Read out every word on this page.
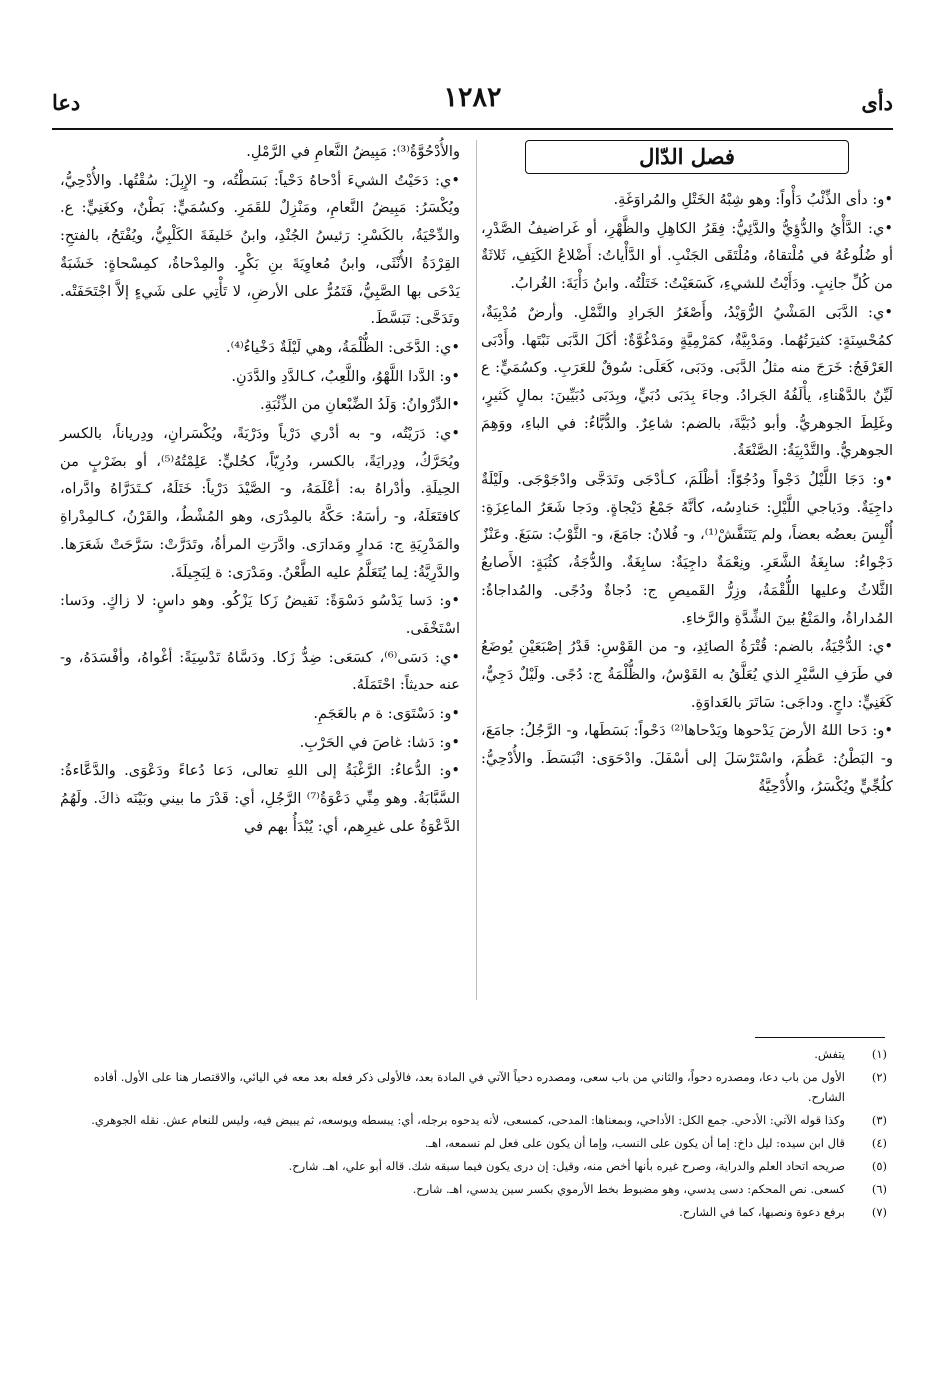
١٢٨٢	دأى
دعا
فصل الدّال

•و: دأى الذِّئْبُ دَأْواً: وهو شِبْهُ الخَتْلِ والمُراوَغَةِ.

•ي: الدَّأْيُ والدُّؤِيُّ والدَّئِيُّ: فِقَرُ الكاهِلِ والظَّهْرِ، أو غَراضيفُ الصَّدْرِ، أو ضُلُوعُهُ في مُلْتقاهُ، ومُلْتَقَى الجَنْبِ. أو الدَّأْياتُ: أَضْلاعُ الكَتِفِ، ثَلاثَةٌ من كُلِّ جانِبٍ. ودَأَيْتُ للشيءِ، كَسَعَيْتُ: خَتَلْتُه. وابنُ دَأْيَةَ: الغُرابُ.

•ي: الدَّبَى المَشْيُ الرُّوَيْدُ، وأَصْغَرُ الجَرادِ والنَّمْلِ. وأرضٌ مُدْبِيَةٌ، كمُحْسِنَةٍ: كثيرَتُهُما. ومَدْبِيَّةٌ، كمَرْمِيَّةٍ ومَدْغُوَّةٌ: أكَلَ الدَّبَى نَبْتَها. وأَدْبَى العَرْفَجُ: خَرَجَ منه مثلُ الدَّبَى. ودَبَى، كَعَلَى: سُوقٌ للعَرَبِ. وكسُمَيٍّ: ع لَيِّنٌ بالدَّهْناءِ، يأْلَفُهُ الجَرادُ. وجاءَ بِدَبَى دُبَيٍّ، وبِدَبَى دُبَيِّينَ: بمالٍ كَثيرٍ، وغَلِطَ الجوهريُّ. وأبو دُبَيَّةَ، بالضم: شاعِرٌ. والدُّبَّاءُ: في الباءِ، ووَهِمَ الجوهريُّ. والتَّدْبِيَةُ: الصَّنْعَةُ.

•و: دَجَا اللَّيْلُ دَجْواً ودُجُوّاً: أظْلَمَ، كـأدْجَى وتَدَجَّى وادْجَوْجَى. ولَيْلَةٌ داجِيَةٌ. ودَياجي اللَّيْلِ: حَنادِسُه، كأنَّهُ جَمْعُ دَيْجاةٍ. ودَجا شَعَرُ الماعِزَةِ: أُلْبِسَ بعضُه بعضاً، ولم يَتَنَفَّشْ⁽¹⁾، و- فُلانٌ: جامَعَ، و- الثَّوْبُ: سَبَغَ. وعَنْزٌ دَجْواءُ: سابِغَةُ الشَّعَرِ. ونِعْمَةٌ داجِيَةٌ: سابِغَةٌ. والدُّجَةُ، كثُبَةٍ: الأَصابعُ الثَّلاثُ وعليها اللُّقْمَةُ، وزِرُّ القَميصِ ج: دُجاةٌ ودُجًى. والمُداجاةُ: المُداراةُ، والمَنْعُ بينَ الشِّدَّةِ والرَّخاءِ.

•ي: الدُّجْيَةُ، بالضم: قُتْرَةُ الصائِدِ، و- من القَوْسِ: قَدْرُ إصْبَعَيْنِ يُوضَعُ في طَرَفِ السَّيْرِ الذي يُعَلَّقُ به القَوْسُ، والظُّلْمَةُ ج: دُجًى. ولَيْلٌ دَجِيٌّ، كَغَنِيٍّ: داجٍ. وداجَى: سَاتَرَ بالعَداوَةِ.

•و: دَحا اللهُ الأرضَ يَدْحوها ويَدْحاها⁽²⁾ دَحْواً: بَسَطَها، و- الرَّجُلُ: جامَعَ، و- البَطْنُ: عَظُمَ، واسْتَرْسَلَ إلى أسْفَلَ. وادْحَوَى: انْبَسَطَ. والأُدْحِيُّ: كلُجِّيٍّ ويُكْسَرُ، والأُدْحِيَّةُ

والأُدْحُوَّةُ⁽³⁾: مَبِيضُ النَّعامِ في الرَّمْلِ.

•ي: دَحَيْتُ الشيءَ أدْحاهُ دَحْياً: بَسَطْتُه، و- الإِبِلَ: سُقْتُها. والأُدْحِيُّ، ويُكْسَرُ: مَبِيضُ النَّعامِ، ومَنْزِلٌ للقَمَرِ. وكسُمَيٍّ: بَطْنٌ، وكغَنِيٍّ: ع. والدِّحْيَةُ، بالكَسْرِ: رَئيسُ الجُنْدِ، وابنُ خَليفَةَ الكَلْبِيُّ، ويُفْتَحُ، بالفتحِ: القِرْدَةُ الأُنْثَى، وابنُ مُعاوِيَةَ بنِ بَكْرٍ. والمِدْحاةُ، كمِسْحاةٍ: خَشَبَةٌ يَدْحَى بها الصَّبِيُّ، فَتَمُرُّ على الأرضِ، لا تَأْتِي على شَيءٍ إلاَّ اجْتَحَفَتْه. وتَدَحَّى: تَبَسَّطَ.

•ي: الدَّخَى: الظُّلْمَةُ، وهي لَيْلَةٌ دَخْياءُ⁽⁴⁾.

•و: الدَّدا اللَّهْوُ، واللَّعِبُ، كـالدَّدِ والدَّدَنِ.

•الدِّرْوانُ: وَلَدُ الضِّبْعانِ من الذِّئْبَةِ.

•ي: دَرَيْتُه، و- به أدْري دَرْياً ودَرْيَةً، ويُكْسَرانِ، ودِرياناً، بالكسر ويُحَرَّكُ، ودِرايَةً، بالكسر، ودُرِيّاً، كحُليٍّ: عَلِمْتُهُ⁽⁵⁾، أو بضَرْبٍ من الحِيلَةِ. وأدْراهُ به: أعْلَمَهُ، و- الصَّيْدَ دَرْياً: خَتَلَهُ، كـتَدَرَّاهُ وادَّراه، كافتَعَلَهُ، و- رأسَهُ: حَكَّهُ بالمِدْرَى، وهو المُشْطُ، والقَرْنُ، كـالمِدْراةِ والمَدْرِيَةِ ج: مَدارٍ ومَدارَى. وادَّرَتِ المرأةُ، وتَدَرَّتْ: سَرَّحَتْ شَعَرَها. والدَّرِيَّةُ: لِما يُتَعَلَّمُ عليه الطَّعْنُ. ومَدْرَى: ة لِبَجِيلَةَ.

•و: دَسا يَدْسُو دَسْوَةً: نَقيضُ زَكا يَزْكُو. وهو داسٍ: لا زاكٍ. ودَسا: اسْتَخْفَى.

•ي: دَسَى⁽⁶⁾، كسَعَى: ضِدُّ زَكا. ودَسَّاهُ تَدْسِيَةً: أغْواهُ، وأفْسَدَهُ، و- عنه حديثاً: احْتَمَلَهُ.

•و: دَسْتَوَى: ة م بالعَجَمِ.

•و: دَشا: غاصَ في الحَرْبِ.

•و: الدُّعاءُ: الرَّغْبَةُ إلى اللهِ تعالى، دَعا دُعاءً ودَعْوَى. والدَّعَّاءةُ: السَّبَّابَةُ. وهو مِنِّي دَعْوَةُ⁽⁷⁾ الرَّجُلِ، أي: قَدْرَ ما بيني وبَيْنَه ذاكَ. ولَهُمُ الدَّعْوَةُ على غيرِهم، أي: يُبْدَأُ بهم في

(١)
يتفش.
(٢)
الأول من باب دعا، ومصدره دحواً، والثاني من باب سعى، ومصدره دحياً الآتي في المادة بعد، فالأولى ذكر فعله بعد معه في اليائي، والاقتصار هنا على الأول. أفاده الشارح.
(٣)
وكذا قوله الآتي: الأدحي. جمع الكل: الأداحي، وبمعناها: المدحى، كمسعى، لأنه يدحوه برجله، أي: يبسطه ويوسعه، ثم يبيض فيه، وليس للنعام عش. نقله الجوهري.
(٤)
قال ابن سيده: ليل داخ: إما أن يكون على النسب، وإما أن يكون على فعل لم نسمعه، اهـ.
(٥)
صريحه اتحاد العلم والدراية، وصرح غيره بأنها أخص منه، وقيل: إن درى يكون فيما سبقه شك. قاله أبو علي، اهـ. شارح.
(٦)
كسعى. نص المحكم: دسى يدسي، وهو مضبوط بخط الأرموي بكسر سين يدسي، اهـ. شارح.
(٧)
برفع دعوة ونصبها، كما في الشارح.
